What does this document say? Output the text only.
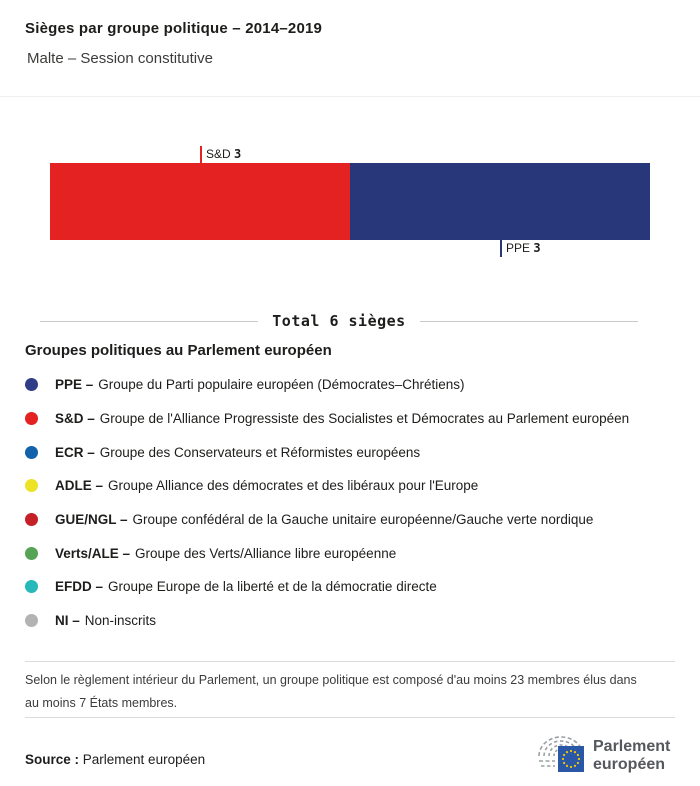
Sièges par groupe politique – 2014–2019
Malte – Session constitutive
S&D 3
PPE 3
Total 6 sièges
Groupes politiques au Parlement européen
PPE – Groupe du Parti populaire européen (Démocrates–Chrétiens)
S&D – Groupe de l'Alliance Progressiste des Socialistes et Démocrates au Parlement européen
ECR – Groupe des Conservateurs et Réformistes européens
ADLE – Groupe Alliance des démocrates et des libéraux pour l'Europe
GUE/NGL – Groupe confédéral de la Gauche unitaire européenne/Gauche verte nordique
Verts/ALE – Groupe des Verts/Alliance libre européenne
EFDD – Groupe Europe de la liberté et de la démocratie directe
NI – Non-inscrits
Selon le règlement intérieur du Parlement, un groupe politique est composé d'au moins 23 membres élus dans au moins 7 États membres.
Source : Parlement européen
Parlement
européen
